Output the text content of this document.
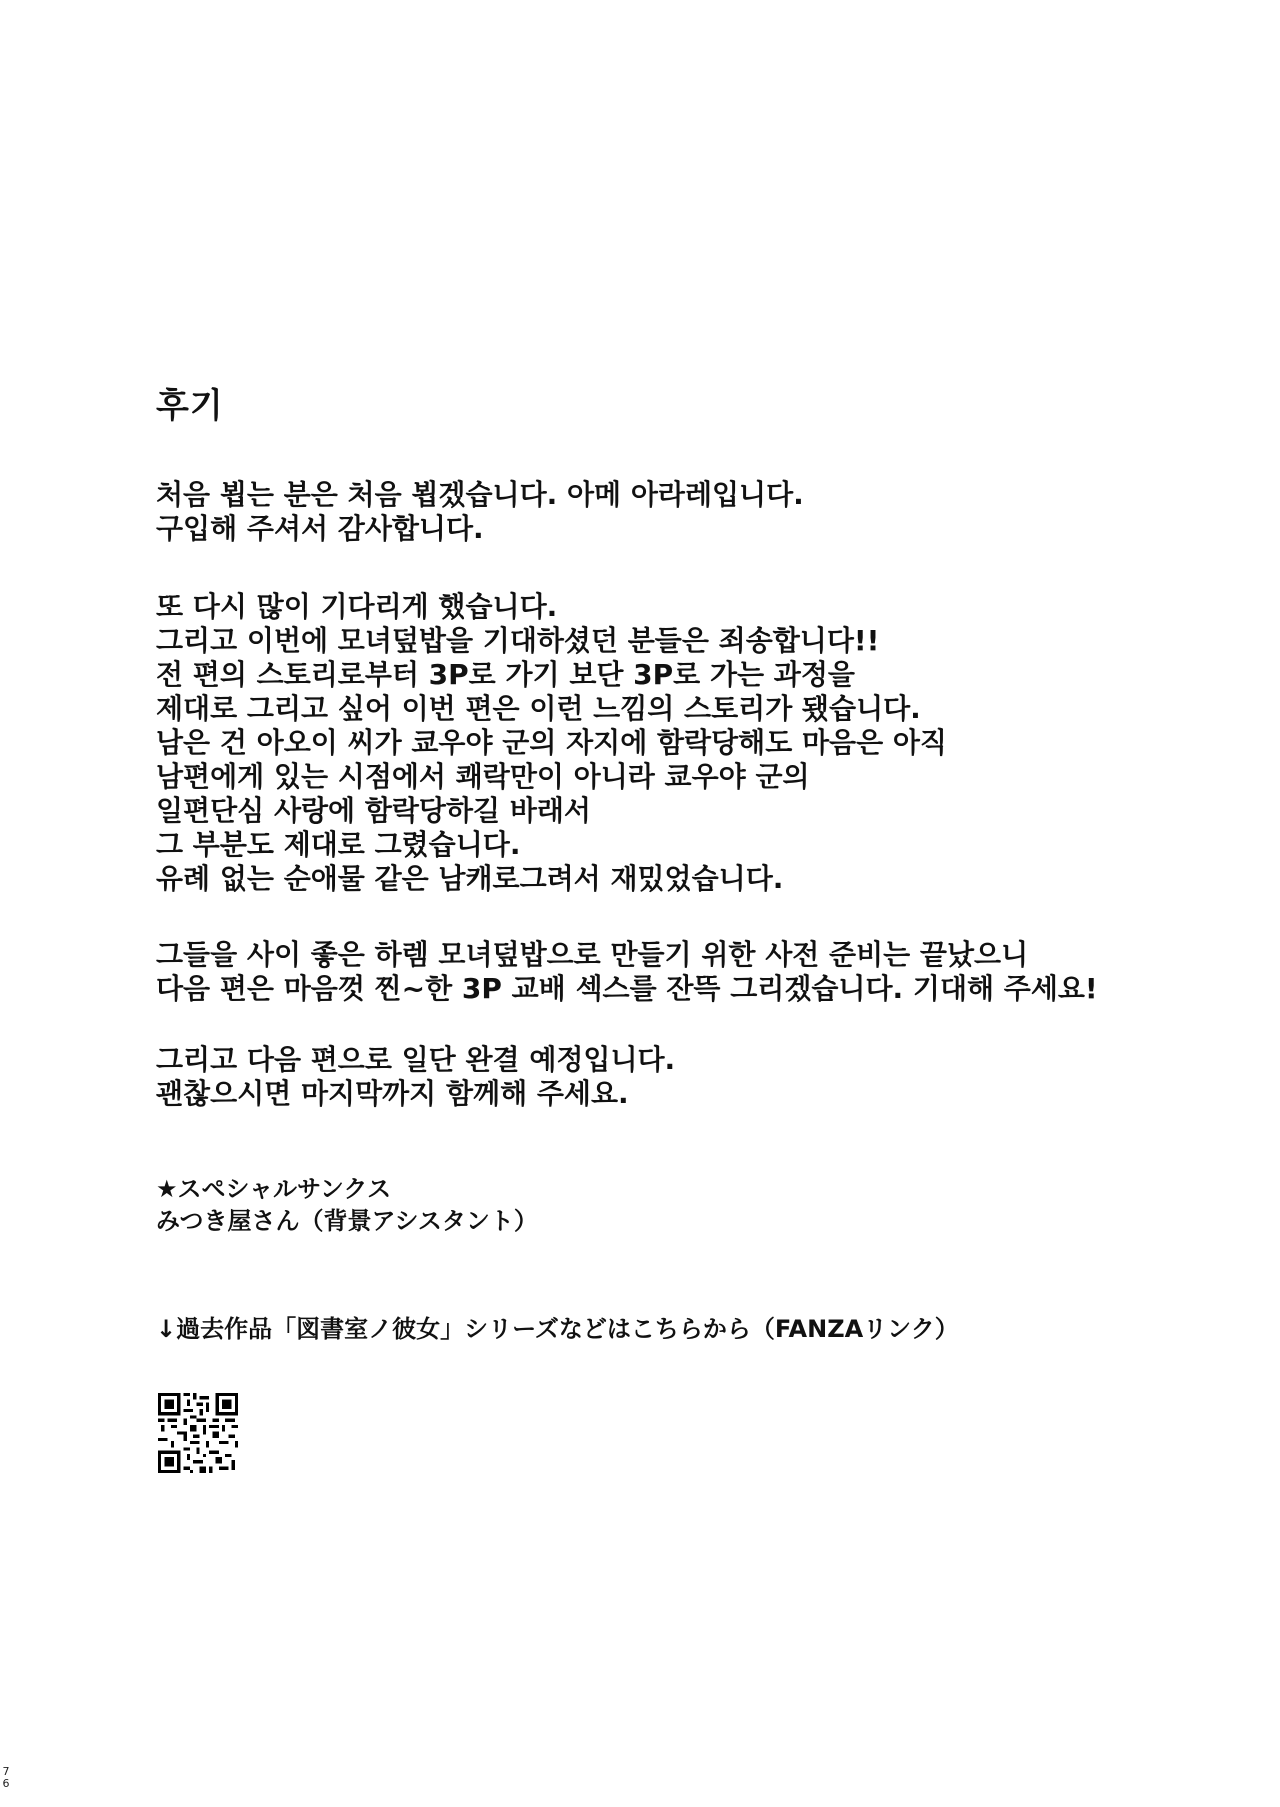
후기
처음 뵙는 분은 처음 뵙겠습니다. 아메 아라레입니다.
구입해 주셔서 감사합니다.
또 다시 많이 기다리게 했습니다.
그리고 이번에 모녀덮밥을 기대하셨던 분들은 죄송합니다!!
전 편의 스토리로부터 3P로 가기 보단 3P로 가는 과정을
제대로 그리고 싶어 이번 편은 이런 느낌의 스토리가 됐습니다.
남은 건 아오이 씨가 쿄우야 군의 자지에 함락당해도 마음은 아직
남편에게 있는 시점에서 쾌락만이 아니라 쿄우야 군의
일편단심 사랑에 함락당하길 바래서
그 부분도 제대로 그렸습니다.
유례 없는 순애물 같은 남캐로그려서 재밌었습니다.
그들을 사이 좋은 하렘 모녀덮밥으로 만들기 위한 사전 준비는 끝났으니
다음 편은 마음껏 찐~한 3P 교배 섹스를 잔뜩 그리겠습니다. 기대해 주세요!
그리고 다음 편으로 일단 완결 예정입니다.
괜찮으시면 마지막까지 함께해 주세요.
★スペシャルサンクス
みつき屋さん（背景アシスタント）
↓過去作品「図書室ノ彼女」シリーズなどはこちらから（FANZAリンク）
7
6
